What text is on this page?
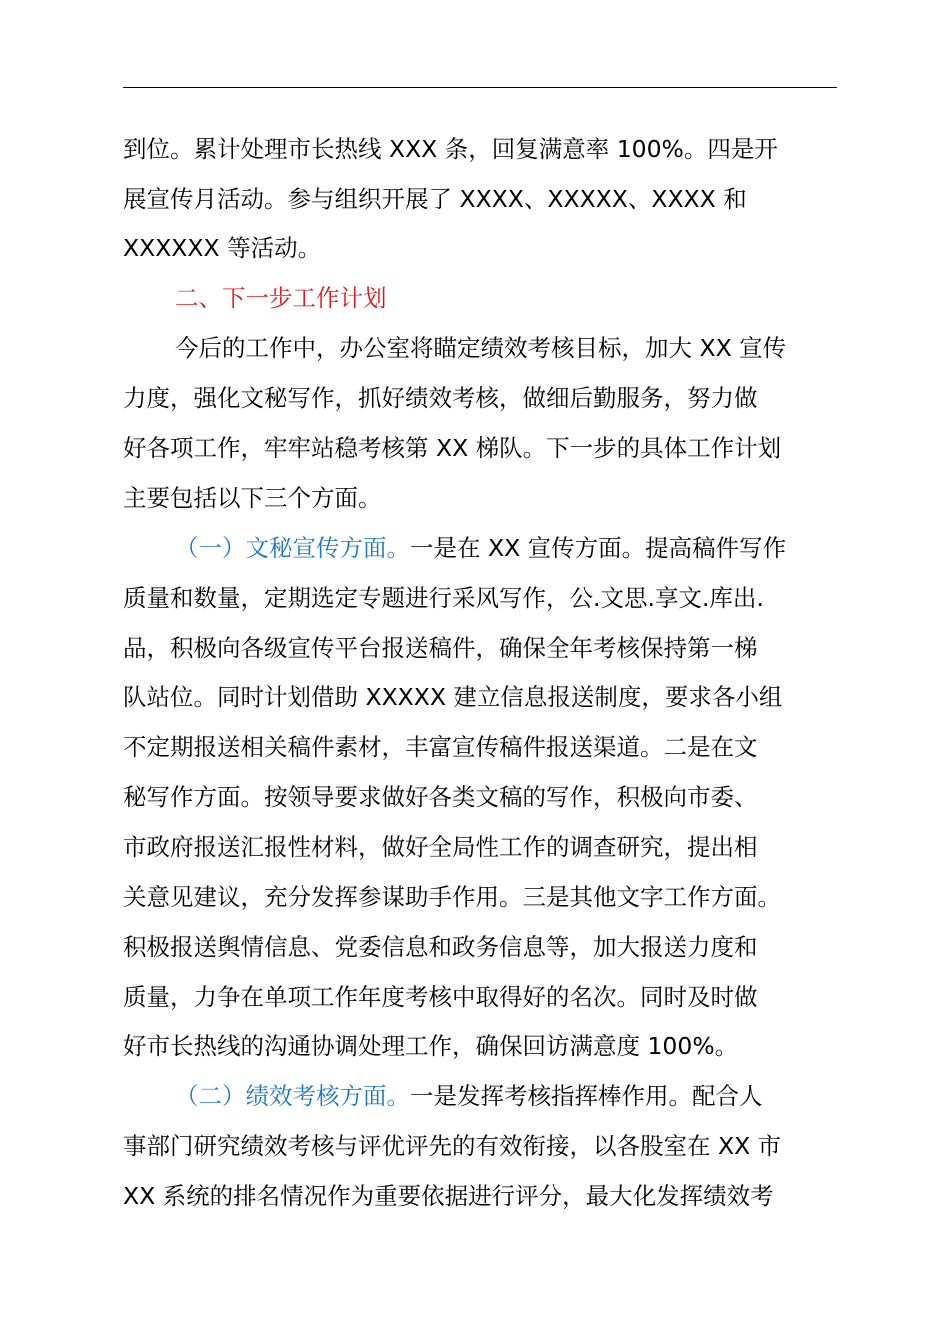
到位。累计处理市长热线 XXX 条，回复满意率 100%。四是开
展宣传月活动。参与组织开展了 XXXX、XXXXX、XXXX 和
XXXXXX 等活动。
二、下一步工作计划
今后的工作中，办公室将瞄定绩效考核目标，加大 XX 宣传
力度，强化文秘写作，抓好绩效考核，做细后勤服务，努力做
好各项工作，牢牢站稳考核第 XX 梯队。下一步的具体工作计划
主要包括以下三个方面。
（一）文秘宣传方面。一是在 XX 宣传方面。提高稿件写作
质量和数量，定期选定专题进行采风写作，公.文思.享文.库出.
品，积极向各级宣传平台报送稿件，确保全年考核保持第一梯
队站位。同时计划借助 XXXXX 建立信息报送制度，要求各小组
不定期报送相关稿件素材，丰富宣传稿件报送渠道。二是在文
秘写作方面。按领导要求做好各类文稿的写作，积极向市委、
市政府报送汇报性材料，做好全局性工作的调查研究，提出相
关意见建议，充分发挥参谋助手作用。三是其他文字工作方面。
积极报送舆情信息、党委信息和政务信息等，加大报送力度和
质量，力争在单项工作年度考核中取得好的名次。同时及时做
好市长热线的沟通协调处理工作，确保回访满意度 100%。
（二）绩效考核方面。一是发挥考核指挥棒作用。配合人
事部门研究绩效考核与评优评先的有效衔接，以各股室在 XX 市
XX 系统的排名情况作为重要依据进行评分，最大化发挥绩效考
